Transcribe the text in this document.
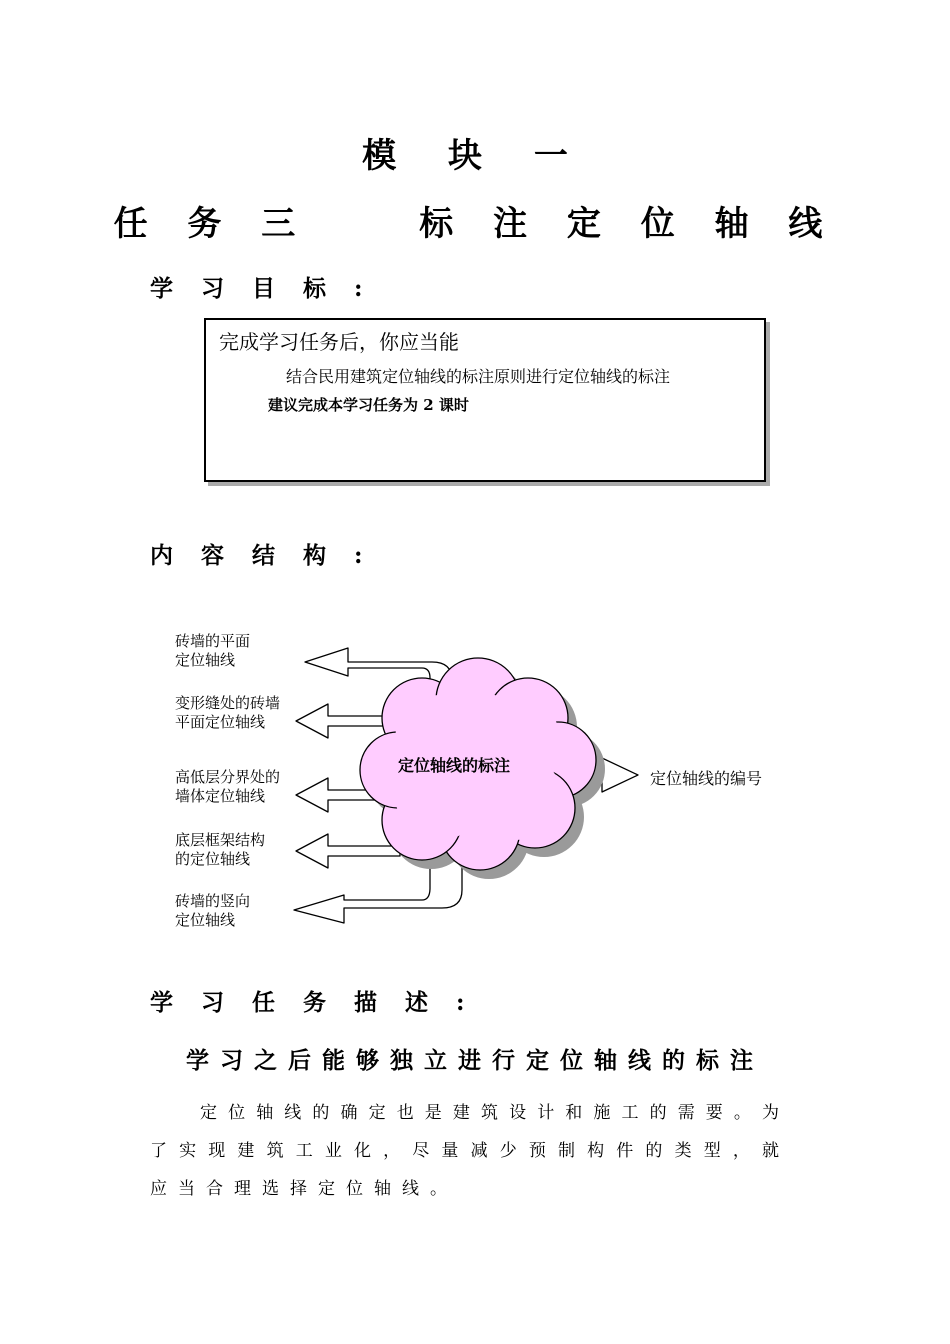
模 块 一
任 务 三	标 注 定 位 轴 线
学 习 目 标 :
完成学习任务后，你应当能
结合民用建筑定位轴线的标注原则进行定位轴线的标注
建议完成本学习任务为 2 课时
内 容 结 构 :
定位轴线的标注
砖墙的平面
定位轴线
变形缝处的砖墙
平面定位轴线
高低层分界处的
墙体定位轴线
底层框架结构
的定位轴线
砖墙的竖向
定位轴线
定位轴线的编号
学 习 任 务 描 述 :
学习之后能够独立进行定位轴线的标注
定位轴线的确定也是建筑设计和施工的需要。为了实现建筑工业化，尽量减少预制构件的类型，就应当合理选择定位轴线。
